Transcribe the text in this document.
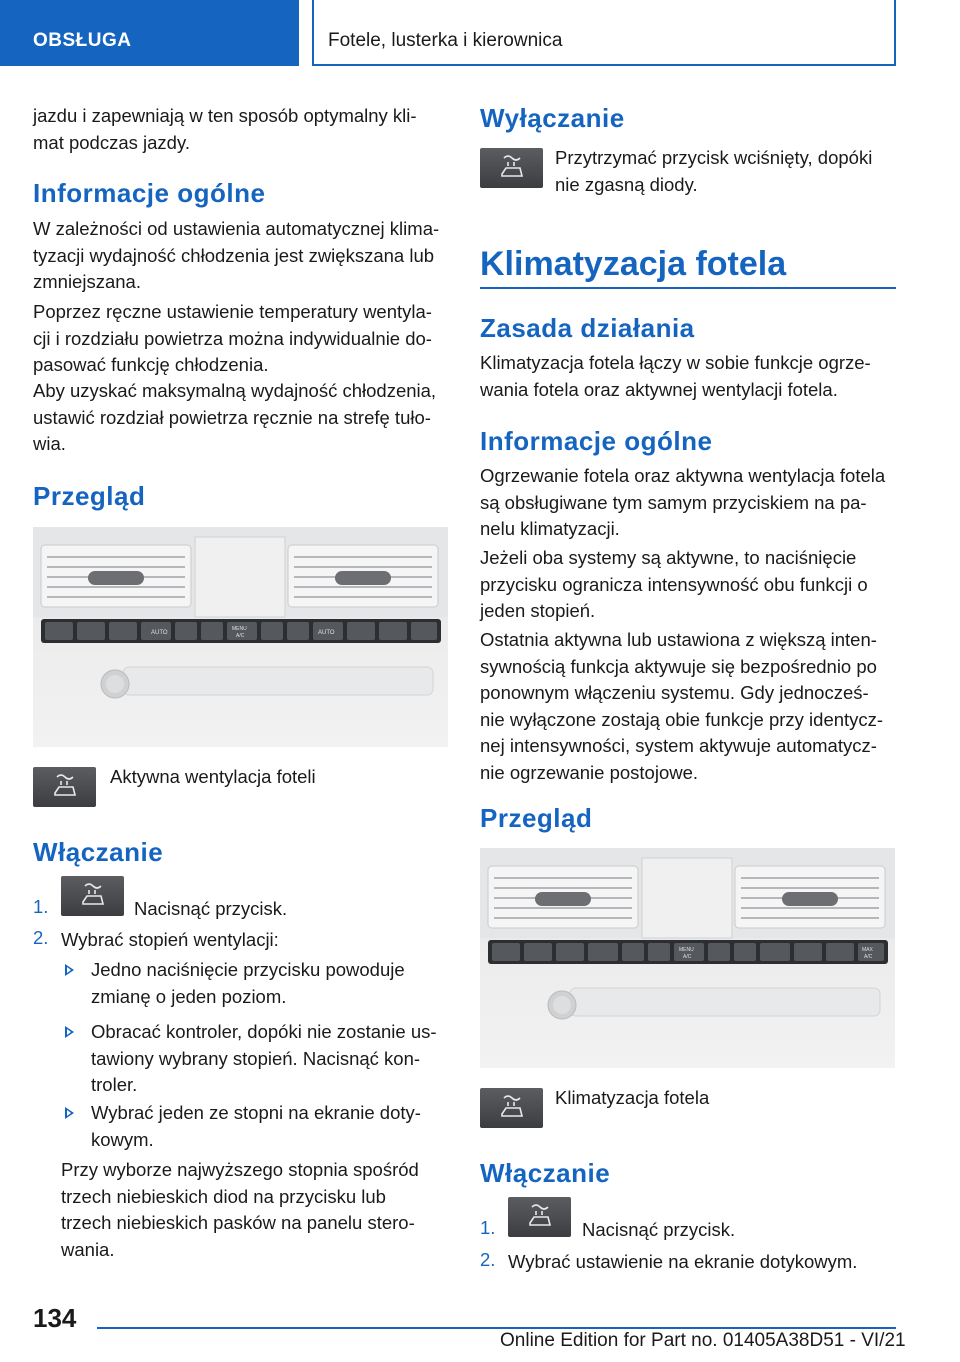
OBSŁUGA	Fotele, lusterka i kierownica
jazdu i zapewniają w ten sposób optymalny kli-
mat podczas jazdy.
Informacje ogólne
W zależności od ustawienia automatycznej klima-
tyzacji wydajność chłodzenia jest zwiększana lub
zmniejszana.
Poprzez ręczne ustawienie temperatury wentyla-
cji i rozdziału powietrza można indywidualnie do-
pasować funkcję chłodzenia.
Aby uzyskać maksymalną wydajność chłodzenia,
ustawić rozdział powietrza ręcznie na strefę tuło-
wia.
Przegląd
AUTO
MENU
A/C	AUTO
Aktywna wentylacja foteli
Włączanie
1.	Nacisnąć przycisk.
2. Wybrać stopień wentylacji:
Jedno naciśnięcie przycisku powoduje
zmianę o jeden poziom.
Obracać kontroler, dopóki nie zostanie us-
tawiony wybrany stopień. Nacisnąć kon-
troler.
Wybrać jeden ze stopni na ekranie doty-
kowym.
Przy wyborze najwyższego stopnia spośród
trzech niebieskich diod na przycisku lub
trzech niebieskich pasków na panelu stero-
wania.
Wyłączanie
Przytrzymać przycisk wciśnięty, dopóki
nie zgasną diody.
Klimatyzacja fotela
Zasada działania
Klimatyzacja fotela łączy w sobie funkcje ogrze-
wania fotela oraz aktywnej wentylacji fotela.
Informacje ogólne
Ogrzewanie fotela oraz aktywna wentylacja fotela
są obsługiwane tym samym przyciskiem na pa-
nelu klimatyzacji.
Jeżeli oba systemy są aktywne, to naciśnięcie
przycisku ogranicza intensywność obu funkcji o
jeden stopień.
Ostatnia aktywna lub ustawiona z większą inten-
sywnością funkcja aktywuje się bezpośrednio po
ponownym włączeniu systemu. Gdy jednocześ-
nie wyłączone zostają obie funkcje przy identycz-
nej intensywności, system aktywuje automatycz-
nie ogrzewanie postojowe.
Przegląd
MENU
A/C
MAX
A/C
Klimatyzacja fotela
Włączanie
1.	Nacisnąć przycisk.
2. Wybrać ustawienie na ekranie dotykowym.
134
Online Edition for Part no. 01405A38D51 - VI/21
